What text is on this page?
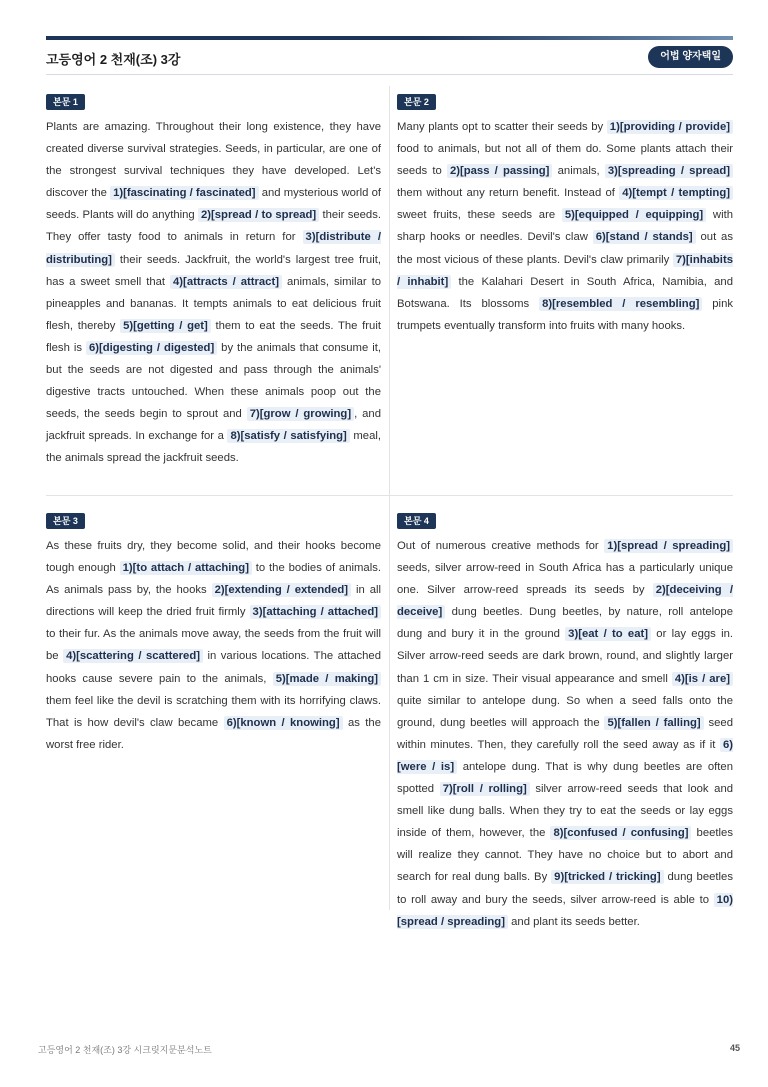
고등영어 2 천재(조) 3강	어법 양자택일
본문 1
Plants are amazing. Throughout their long existence, they have created diverse survival strategies. Seeds, in particular, are one of the strongest survival techniques they have developed. Let's discover the 1)[fascinating / fascinated] and mysterious world of seeds. Plants will do anything 2)[spread / to spread] their seeds. They offer tasty food to animals in return for 3)[distribute / distributing] their seeds. Jackfruit, the world's largest tree fruit, has a sweet smell that 4)[attracts / attract] animals, similar to pineapples and bananas. It tempts animals to eat delicious fruit flesh, thereby 5)[getting / get] them to eat the seeds. The fruit flesh is 6)[digesting / digested] by the animals that consume it, but the seeds are not digested and pass through the animals' digestive tracts untouched. When these animals poop out the seeds, the seeds begin to sprout and 7)[grow / growing] , and jackfruit spreads. In exchange for a 8)[satisfy / satisfying] meal, the animals spread the jackfruit seeds.
본문 2
Many plants opt to scatter their seeds by 1)[providing / provide] food to animals, but not all of them do. Some plants attach their seeds to 2)[pass / passing] animals, 3)[spreading / spread] them without any return benefit. Instead of 4)[tempt / tempting] sweet fruits, these seeds are 5)[equipped / equipping] with sharp hooks or needles. Devil's claw 6)[stand / stands] out as the most vicious of these plants. Devil's claw primarily 7)[inhabits / inhabit] the Kalahari Desert in South Africa, Namibia, and Botswana. Its blossoms 8)[resembled / resembling] pink trumpets eventually transform into fruits with many hooks.
본문 3
As these fruits dry, they become solid, and their hooks become tough enough 1)[to attach / attaching] to the bodies of animals. As animals pass by, the hooks 2)[extending / extended] in all directions will keep the dried fruit firmly 3)[attaching / attached] to their fur. As the animals move away, the seeds from the fruit will be 4)[scattering / scattered] in various locations. The attached hooks cause severe pain to the animals, 5)[made / making] them feel like the devil is scratching them with its horrifying claws. That is how devil's claw became 6)[known / knowing] as the worst free rider.
본문 4
Out of numerous creative methods for 1)[spread / spreading] seeds, silver arrow-reed in South Africa has a particularly unique one. Silver arrow-reed spreads its seeds by 2)[deceiving / deceive] dung beetles. Dung beetles, by nature, roll antelope dung and bury it in the ground 3)[eat / to eat] or lay eggs in. Silver arrow-reed seeds are dark brown, round, and slightly larger than 1 cm in size. Their visual appearance and smell 4)[is / are] quite similar to antelope dung. So when a seed falls onto the ground, dung beetles will approach the 5)[fallen / falling] seed within minutes. Then, they carefully roll the seed away as if it 6)[were / is] antelope dung. That is why dung beetles are often spotted 7)[roll / rolling] silver arrow-reed seeds that look and smell like dung balls. When they try to eat the seeds or lay eggs inside of them, however, the 8)[confused / confusing] beetles will realize they cannot. They have no choice but to abort and search for real dung balls. By 9)[tricked / tricking] dung beetles to roll away and bury the seeds, silver arrow-reed is able to 10)[spread / spreading] and plant its seeds better.
고등영어 2 천재(조) 3강 시크릿지문분석노트	45
